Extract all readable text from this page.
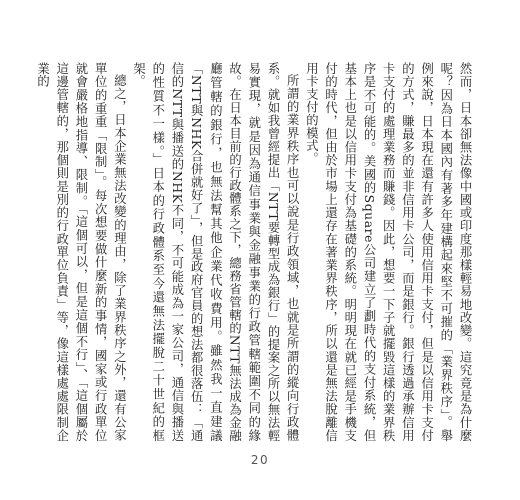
然而，日本卻無法像中國或印度那樣輕易地改變。這究竟是為什麼呢？因為日本國內有著多年建構起來堅不可摧的「業界秩序」。舉例來說，日本現在還有許多人使用信用卡支付，但是以信用卡支付的方式，賺最多的並非信用卡公司，而是銀行。銀行透過承辦信用卡支付的處理業務而賺錢。因此，想要一下子就擺毀這樣的業界秩序是不可能的。美國的Square公司建立了劃時代的支付系統，但基本上也是以信用卡支付為基礎的系統。明明現在就已經是手機支付的時代，但由於市場上還存在著業界秩序，所以還是無法脫離信用卡支付的模式。

所謂的業界秩序也可以說是行政領域，也就是所謂的縱向行政體系。就如我曾經提出「NTT要轉型成為銀行」的提案之所以無法輕易實現，就是因為通信事業與金融事業的行政管轄範圍不同的緣故。在日本目前的行政體系之下，總務省管轄的NTT無法成為金融廳管轄的銀行，也無法幫其他企業代收費用。雖然我一直建議「NTT與NHK合併就好了」，但是政府官員的想法都很落伍：「通信的NTT與播送的NHK不同，不可能成為一家公司，通信與播送的性質不一樣。」日本的行政體系至今還無法擺脫二十世紀的框架。

總之，日本企業無法改變的理由，除了業界秩序之外，還有公家單位的重重「限制」。每次想要做什麼新的事情，國家或行政單位就會嚴格地指導、限制。「這個可以，但是這個不行」、「這個屬於這邊管轄的，那個則是別的行政單位負責」等，像這樣處處限制企業的

20
